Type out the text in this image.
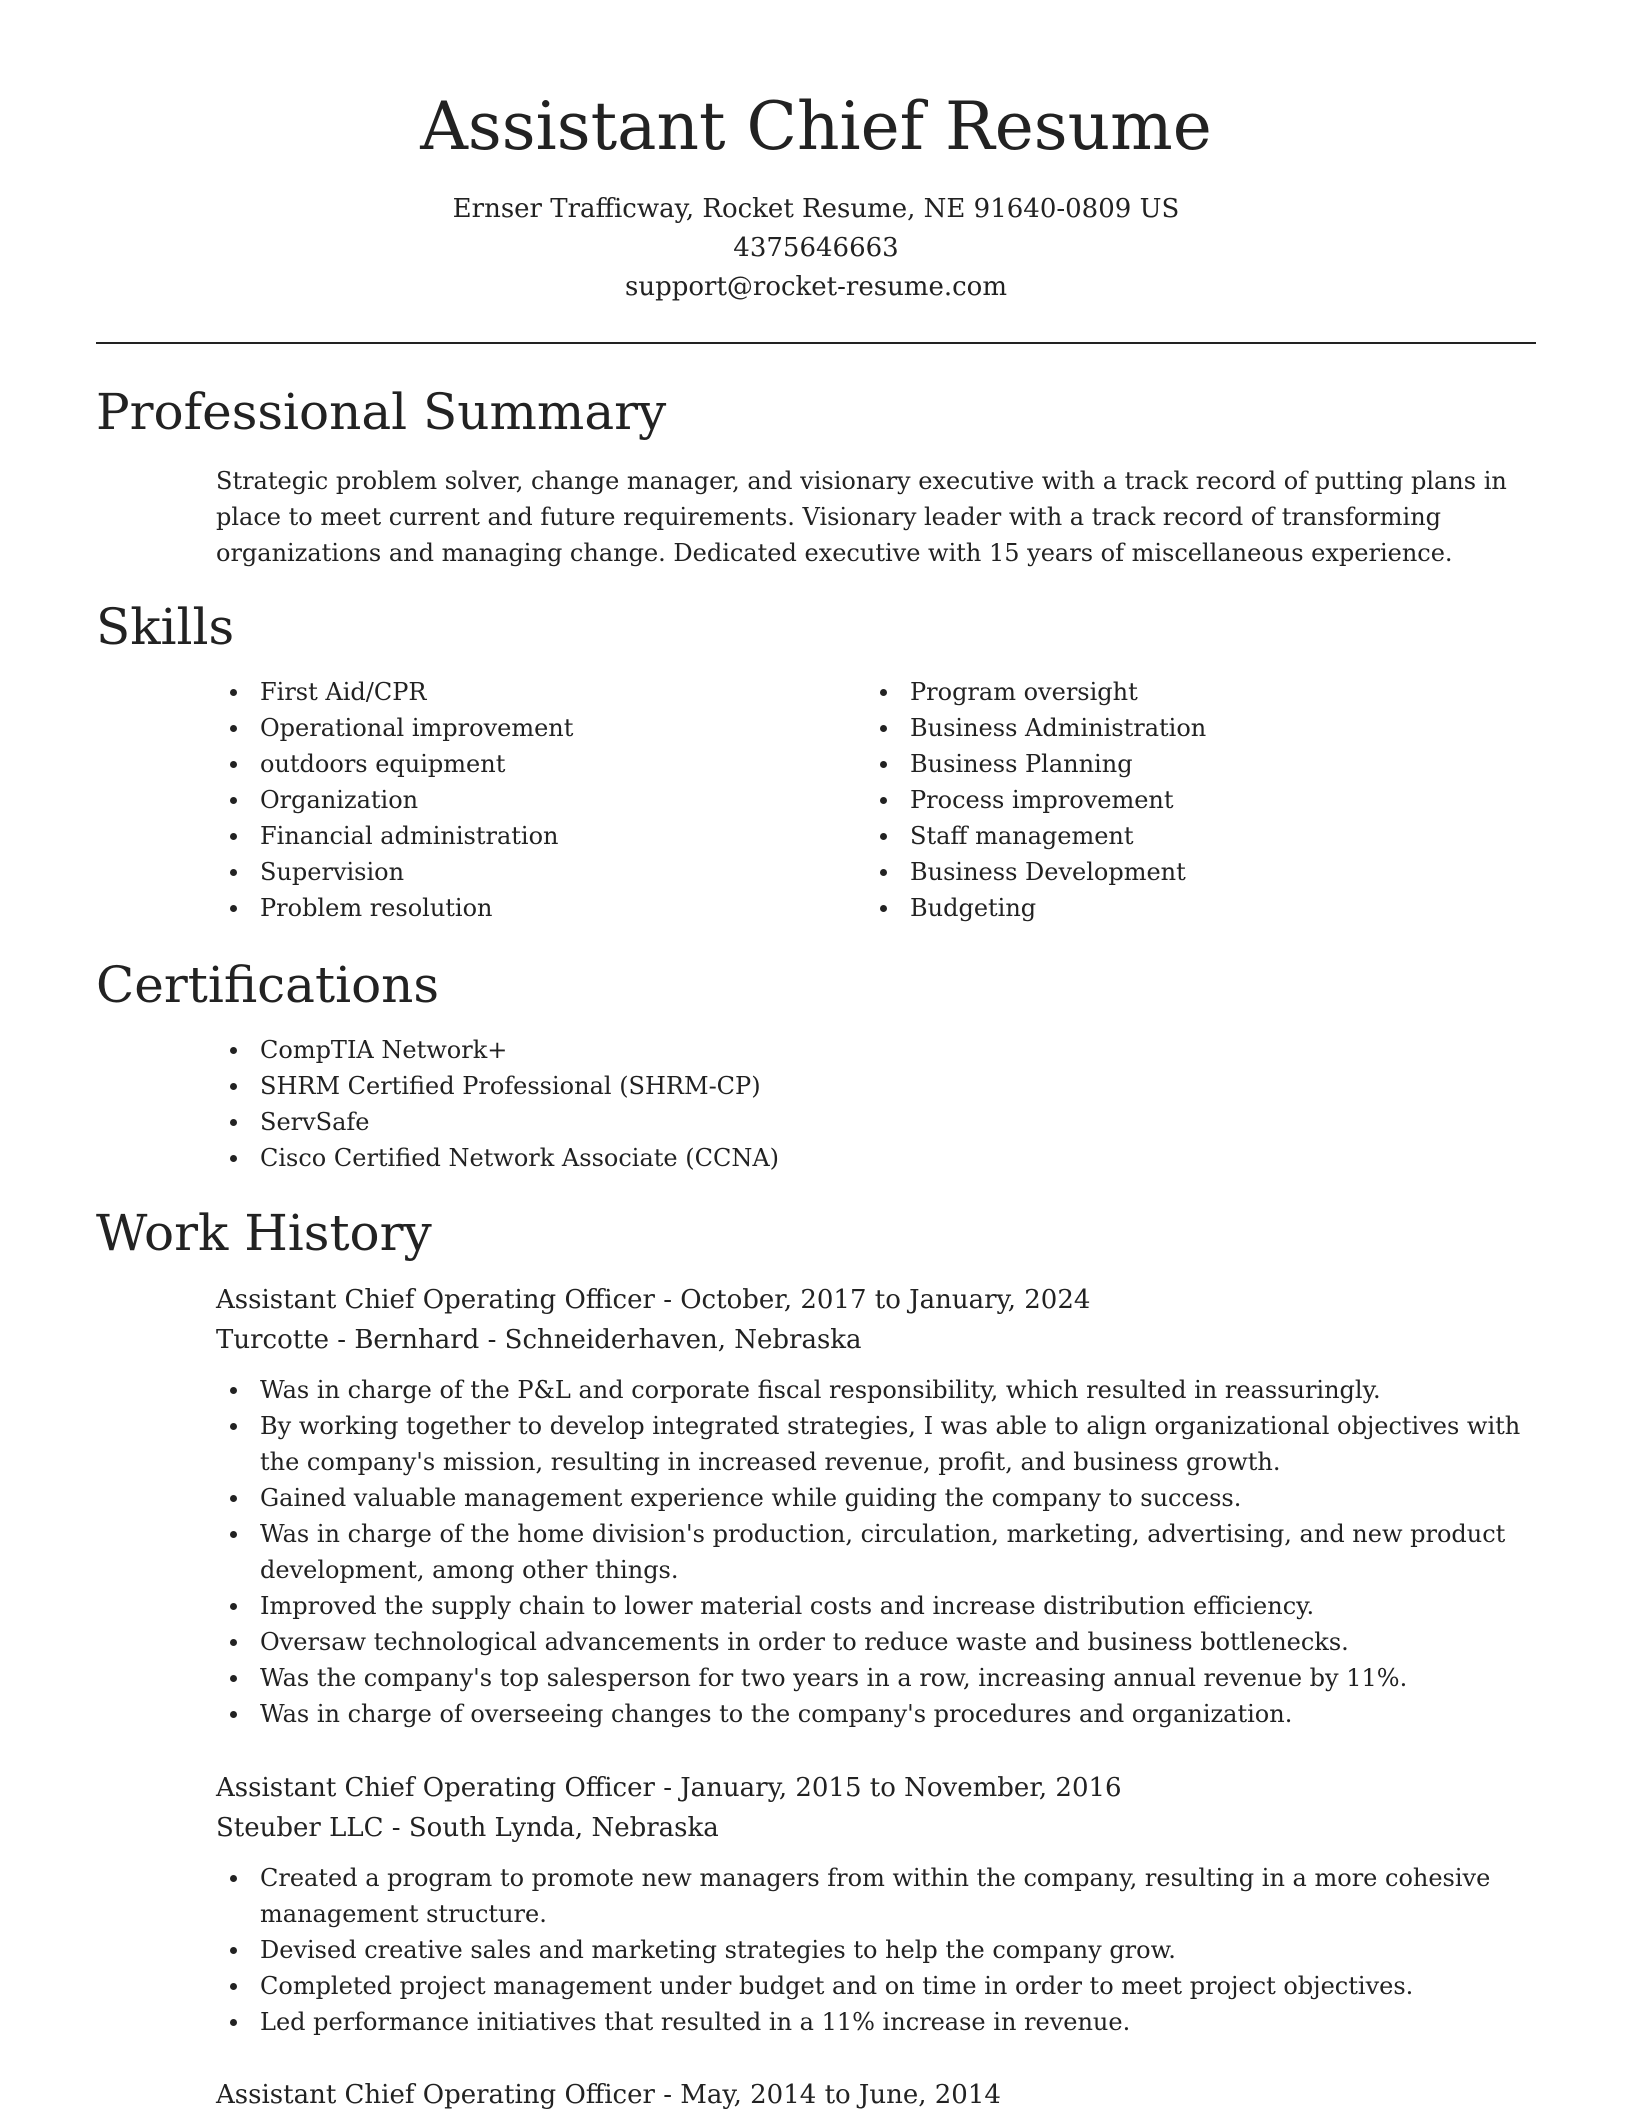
Assistant Chief Resume
Ernser Trafficway, Rocket Resume, NE 91640-0809 US
4375646663
support@rocket-resume.com
Professional Summary

Strategic problem solver, change manager, and visionary executive with a track record of putting plans in place to meet current and future requirements. Visionary leader with a track record of transforming organizations and managing change. Dedicated executive with 15 years of miscellaneous experience.

Skills
First Aid/CPR
Operational improvement
outdoors equipment
Organization
Financial administration
Supervision
Problem resolution
Program oversight
Business Administration
Business Planning
Process improvement
Staff management
Business Development
Budgeting
Certifications
CompTIA Network+
SHRM Certified Professional (SHRM-CP)
ServSafe
Cisco Certified Network Associate (CCNA)
Work History
Assistant Chief Operating Officer - October, 2017 to January, 2024
Turcotte - Bernhard - Schneiderhaven, Nebraska
Was in charge of the P&L and corporate fiscal responsibility, which resulted in reassuringly.
By working together to develop integrated strategies, I was able to align organizational objectives with the company's mission, resulting in increased revenue, profit, and business growth.
Gained valuable management experience while guiding the company to success.
Was in charge of the home division's production, circulation, marketing, advertising, and new product development, among other things.
Improved the supply chain to lower material costs and increase distribution efficiency.
Oversaw technological advancements in order to reduce waste and business bottlenecks.
Was the company's top salesperson for two years in a row, increasing annual revenue by 11%.
Was in charge of overseeing changes to the company's procedures and organization.
Assistant Chief Operating Officer - January, 2015 to November, 2016
Steuber LLC - South Lynda, Nebraska
Created a program to promote new managers from within the company, resulting in a more cohesive management structure.
Devised creative sales and marketing strategies to help the company grow.
Completed project management under budget and on time in order to meet project objectives.
Led performance initiatives that resulted in a 11% increase in revenue.
Assistant Chief Operating Officer - May, 2014 to June, 2014
